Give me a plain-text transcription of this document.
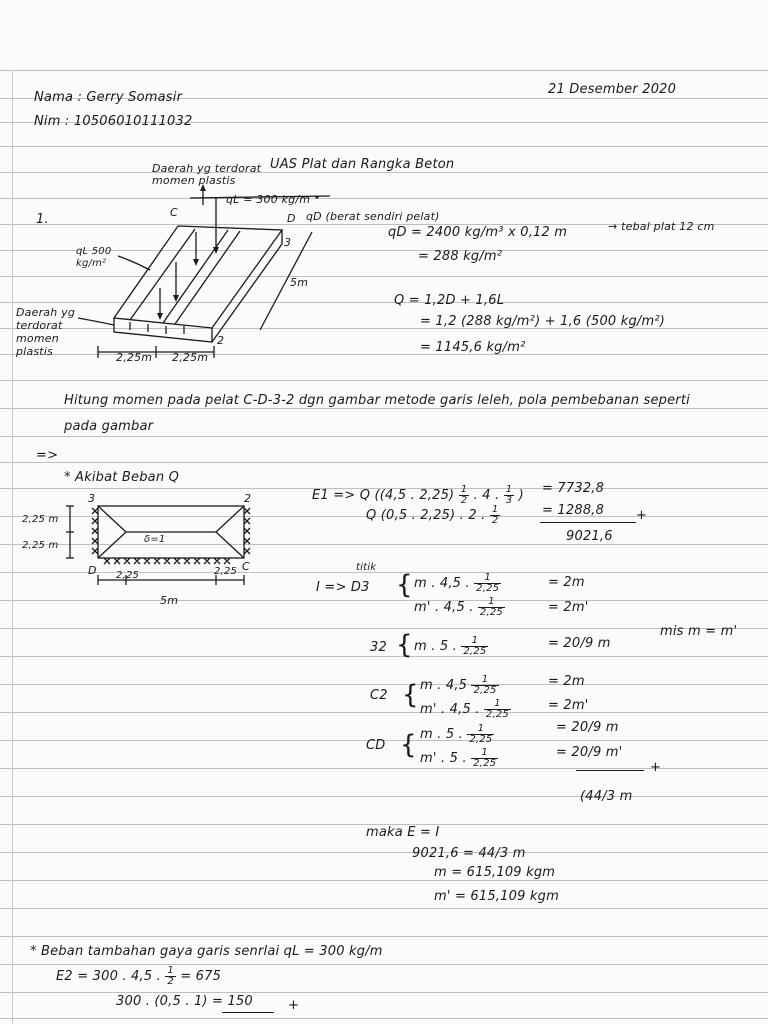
Nama : Gerry Somasir
Nim : 10506010111032
21 Desember 2020
UAS Plat dan Rangka Beton
1.
Daerah yg terdorat momen plastis
qL = 300 kg/m
C	D
3
2
qD (berat sendiri pelat)
qL 500 kg/m²
5m
Daerah yg terdorat momen plastis	2,25m 2,25m
qD = 2400 kg/m³ x 0,12 m	→ tebal plat 12 cm
= 288 kg/m²
Q = 1,2D + 1,6L
= 1,2 (288 kg/m²) + 1,6 (500 kg/m²)
= 1145,6 kg/m²
Hitung momen pada pelat C-D-3-2 dgn gambar metode garis leleh, pola pembebanan seperti pada gambar
=>
* Akibat Beban Q
3	2
D	C
2,25 m
2,25 m
δ=1
2,25	2,25
5m
E1 => Q ((4,5 . $2,25) \frac{1}{2}$ . 4 . $\frac{1}{3}$ ) = 7732,8
Q (0,5 . 2,25) . 2 . $\frac{1}{2}$	= 1288,8 +
9021,6
titik
I => D3 { m . 4,5 . $\frac{1}{2,25}$	= 2m
m' . 4,5 . $\frac{1}{2,25}$	= 2m'
32 { m . 5 . $\frac{1}{2,25}$	= 20/9 m
mis m = m'
C2 { m . $4,5 \frac{1}{2,25}$	= 2m
m' . 4,5 . $\frac{1}{2,25}$	= 2m'
CD { m . 5 . $\frac{1}{2,25}$	= 20/9 m
m' . 5 . $\frac{1}{2,25}$	= 20/9 m'
+
(44/3 m
maka E = I
9021,6 = 44/3 m
m = 615,109 kgm
m' = 615,109 kgm
* Beban tambahan gaya garis senrlai qL = 300 kg/m
E2 = 300 . 4,5 . $\frac{1}{2} = 675$
300 . (0,5 . 1) = 150	+
